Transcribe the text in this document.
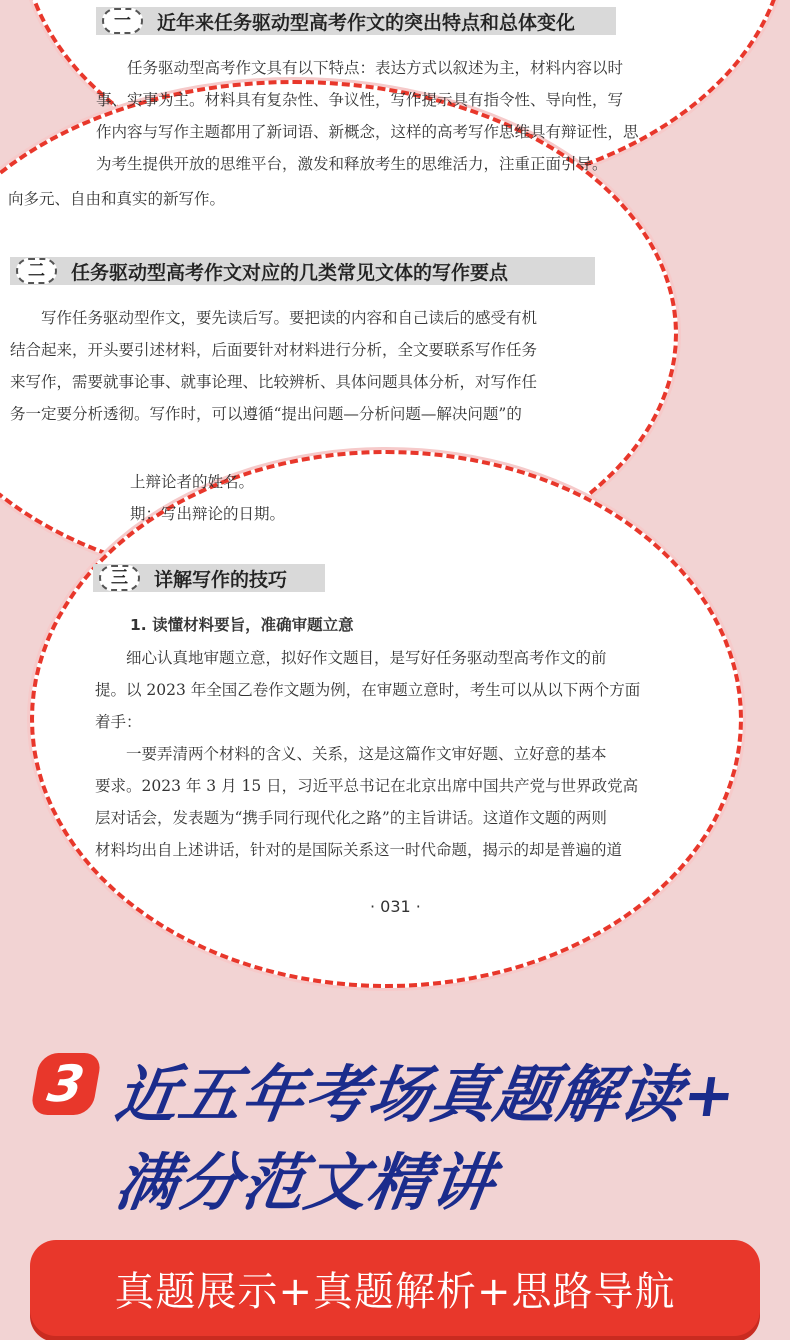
一	近年来任务驱动型高考作文的突出特点和总体变化

任务驱动型高考作文具有以下特点：表达方式以叙述为主，材料内容以时

事、实事为主。材料具有复杂性、争议性，写作提示具有指令性、导向性，写

作内容与写作主题都用了新词语、新概念，这样的高考写作思维具有辩证性，思

为考生提供开放的思维平台，激发和释放考生的思维活力，注重正面引导。

向多元、自由和真实的新写作。

二	任务驱动型高考作文对应的几类常见文体的写作要点

写作任务驱动型作文，要先读后写。要把读的内容和自己读后的感受有机

结合起来，开头要引述材料，后面要针对材料进行分析，全文要联系写作任务

来写作，需要就事论事、就事论理、比较辨析、具体问题具体分析，对写作任

务一定要分析透彻。写作时，可以遵循“提出问题—分析问题—解决问题”的

上辩论者的姓名。

期：写出辩论的日期。

三	详解写作的技巧
1. 读懂材料要旨，准确审题立意

细心认真地审题立意，拟好作文题目，是写好任务驱动型高考作文的前

提。以 2023 年全国乙卷作文题为例，在审题立意时，考生可以从以下两个方面

着手：

一要弄清两个材料的含义、关系，这是这篇作文审好题、立好意的基本

要求。2023 年 3 月 15 日，习近平总书记在北京出席中国共产党与世界政党高

层对话会，发表题为“携手同行现代化之路”的主旨讲话。这道作文题的两则

材料均出自上述讲话，针对的是国际关系这一时代命题，揭示的却是普遍的道

· 031 ·
3 近五年考场真题解读+
满分范文精讲
真题展示+真题解析+思路导航
